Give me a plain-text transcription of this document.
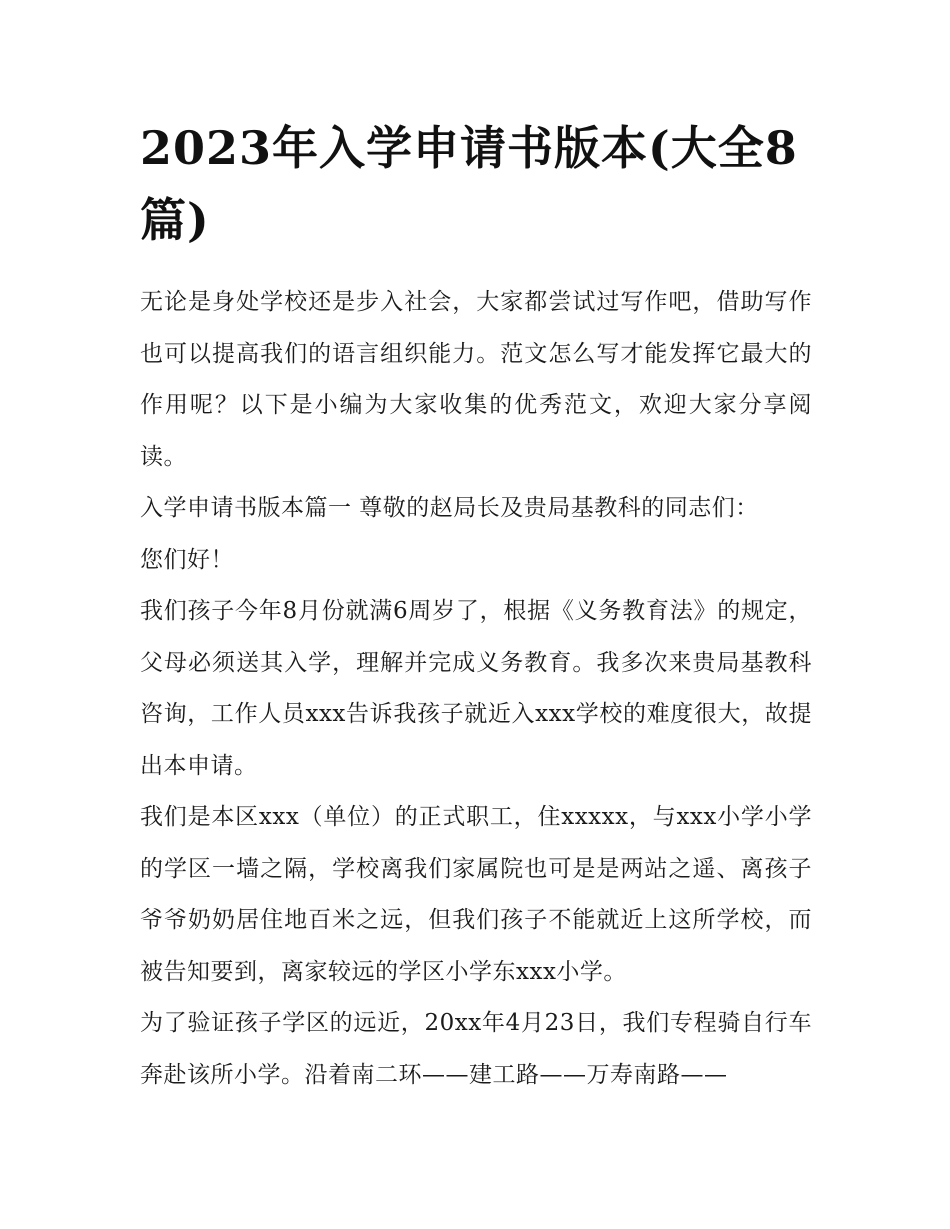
2023年入学申请书版本(大全8篇)

无论是身处学校还是步入社会，大家都尝试过写作吧，借助写作也可以提高我们的语言组织能力。范文怎么写才能发挥它最大的作用呢？以下是小编为大家收集的优秀范文，欢迎大家分享阅读。

入学申请书版本篇一 尊敬的赵局长及贵局基教科的同志们：

您们好！

我们孩子今年8月份就满6周岁了，根据《义务教育法》的规定，父母必须送其入学，理解并完成义务教育。我多次来贵局基教科咨询，工作人员xxx告诉我孩子就近入xxx学校的难度很大，故提出本申请。

我们是本区xxx（单位）的正式职工，住xxxxx，与xxx小学小学的学区一墙之隔，学校离我们家属院也可是是两站之遥、离孩子爷爷奶奶居住地百米之远，但我们孩子不能就近上这所学校，而被告知要到，离家较远的学区小学东xxx小学。

为了验证孩子学区的远近，20xx年4月23日，我们专程骑自行车奔赴该所小学。沿着南二环——建工路——万寿南路——
